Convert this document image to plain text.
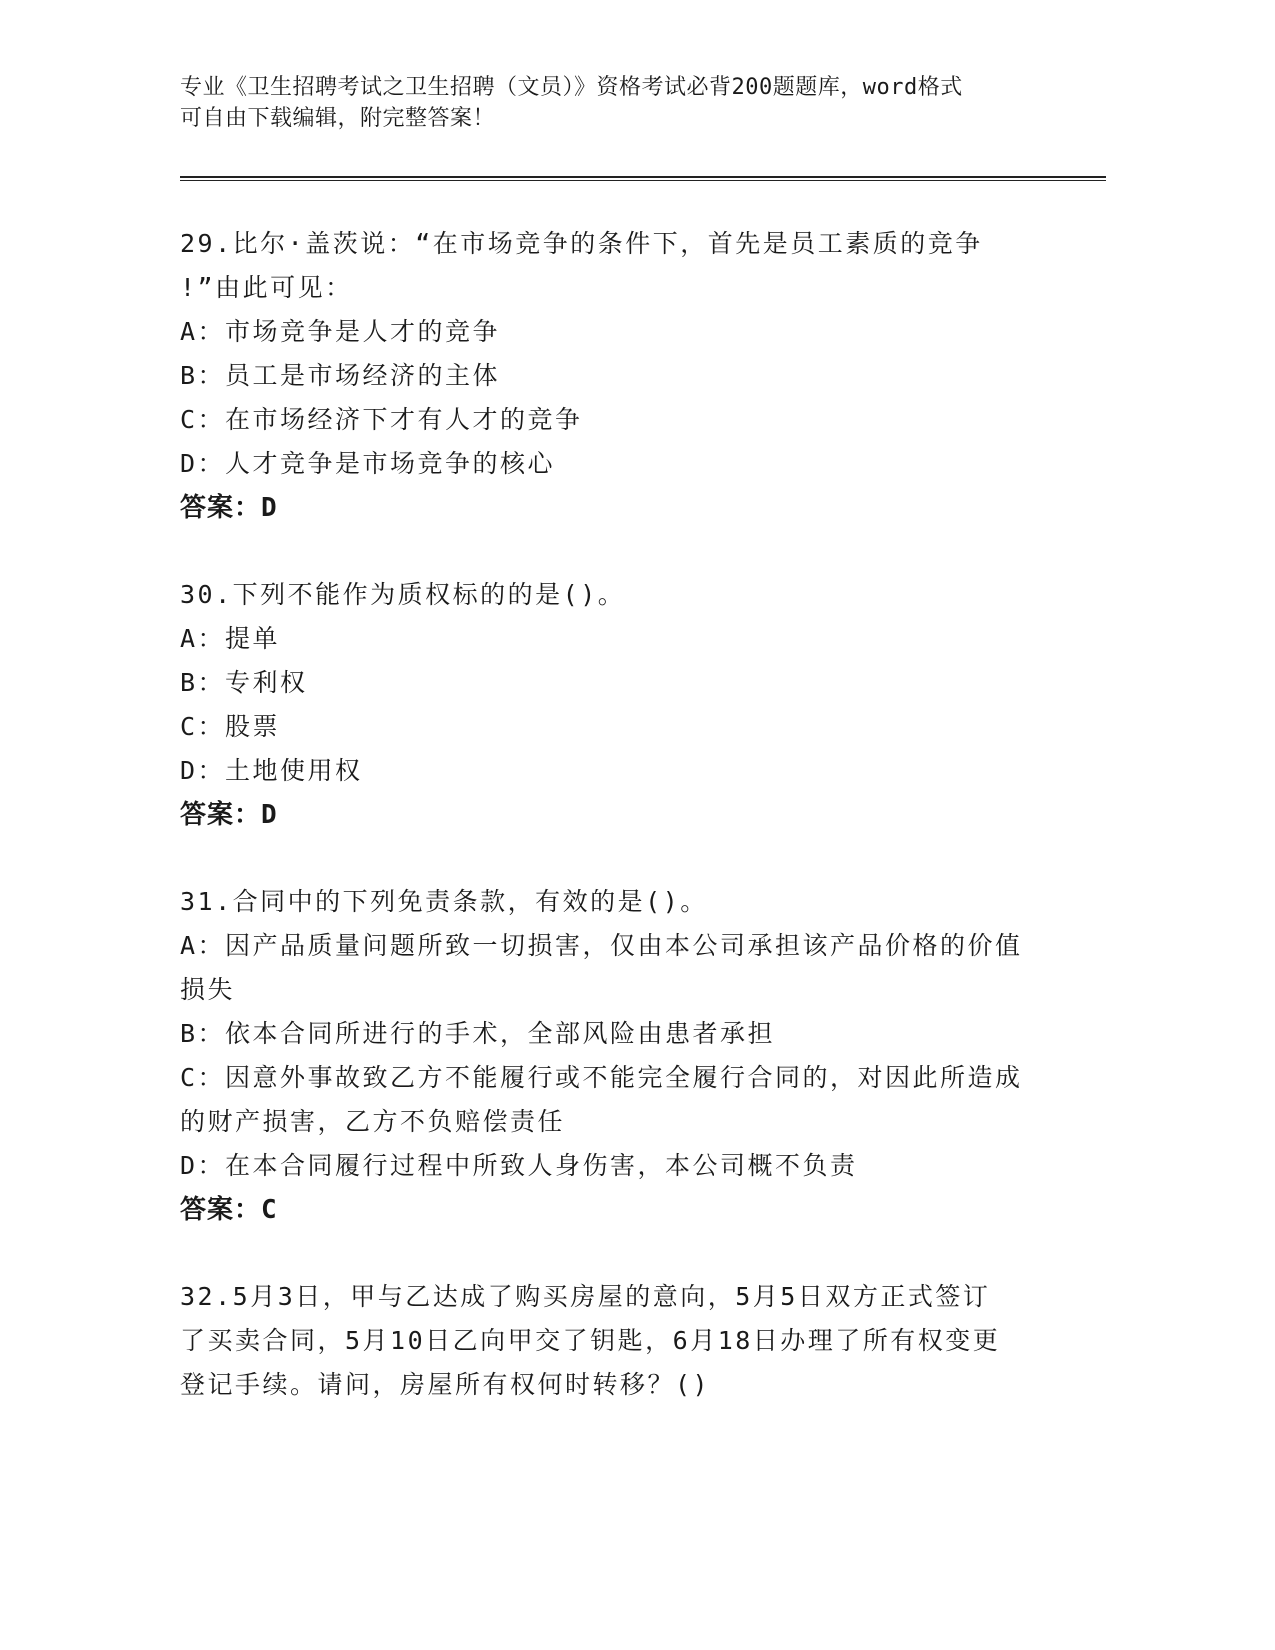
专业《卫生招聘考试之卫生招聘（文员）》资格考试必背200题题库，word格式
可自由下载编辑，附完整答案！

29.比尔·盖茨说：“在市场竞争的条件下，首先是员工素质的竞争

!”由此可见：

A：市场竞争是人才的竞争

B：员工是市场经济的主体

C：在市场经济下才有人才的竞争

D：人才竞争是市场竞争的核心

答案：D

30.下列不能作为质权标的的是()。

A：提单

B：专利权

C：股票

D：土地使用权

答案：D

31.合同中的下列免责条款，有效的是()。

A：因产品质量问题所致一切损害，仅由本公司承担该产品价格的价值

损失

B：依本合同所进行的手术，全部风险由患者承担

C：因意外事故致乙方不能履行或不能完全履行合同的，对因此所造成

的财产损害，乙方不负赔偿责任

D：在本合同履行过程中所致人身伤害，本公司概不负责

答案：C

32.5月3日，甲与乙达成了购买房屋的意向，5月5日双方正式签订

了买卖合同，5月10日乙向甲交了钥匙，6月18日办理了所有权变更

登记手续。请问，房屋所有权何时转移？()
